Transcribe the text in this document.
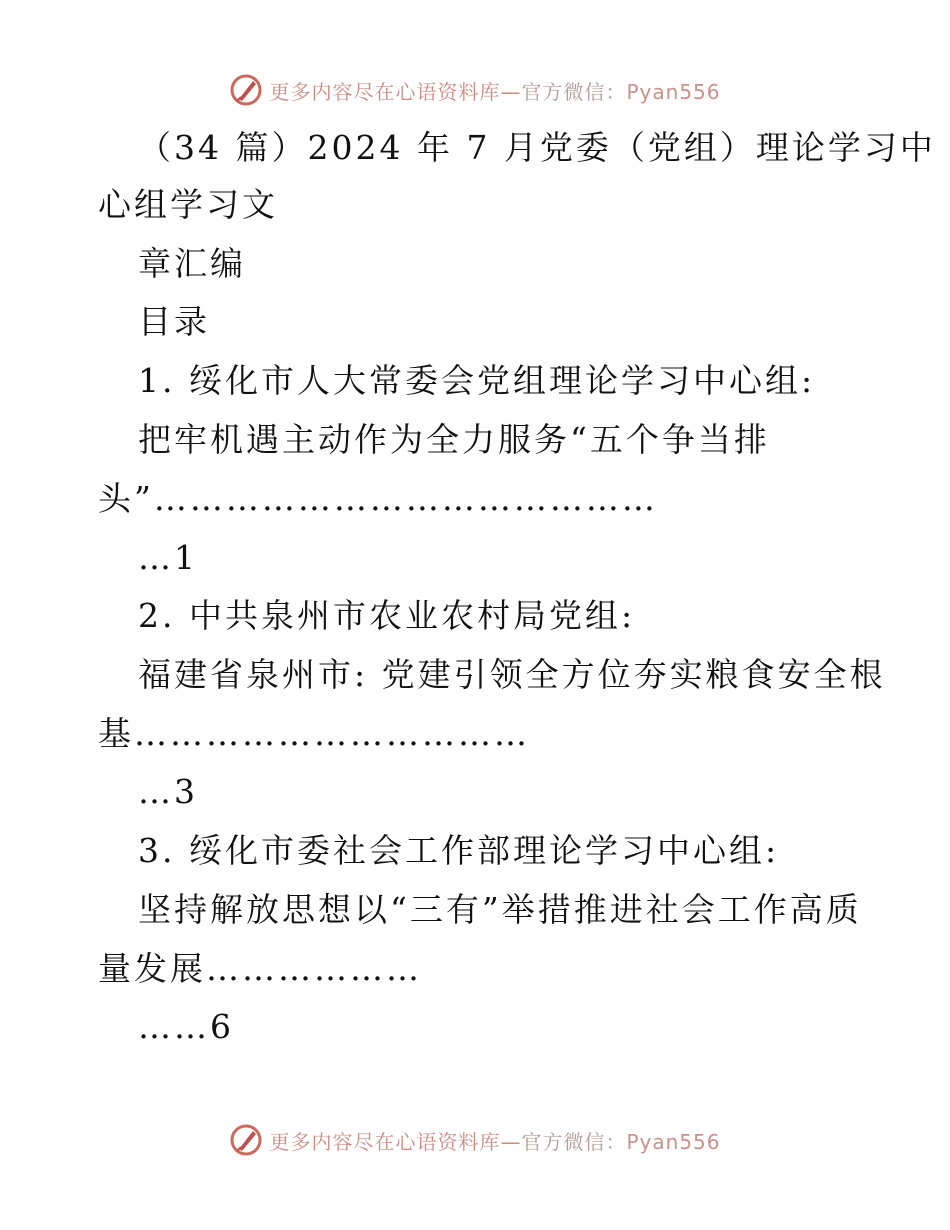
更多内容尽在心语资料库—官方微信：Pyan556
（34 篇）2024 年 7 月党委（党组）理论学习中
心组学习文
章汇编
目录
1. 绥化市人大常委会党组理论学习中心组:
把牢机遇主动作为全力服务“五个争当排
头”……………………………………
…1
2. 中共泉州市农业农村局党组:
福建省泉州市: 党建引领全方位夯实粮食安全根
基……………………………
…3
3. 绥化市委社会工作部理论学习中心组:
坚持解放思想以“三有”举措推进社会工作高质
量发展………………
……6
更多内容尽在心语资料库—官方微信：Pyan556
